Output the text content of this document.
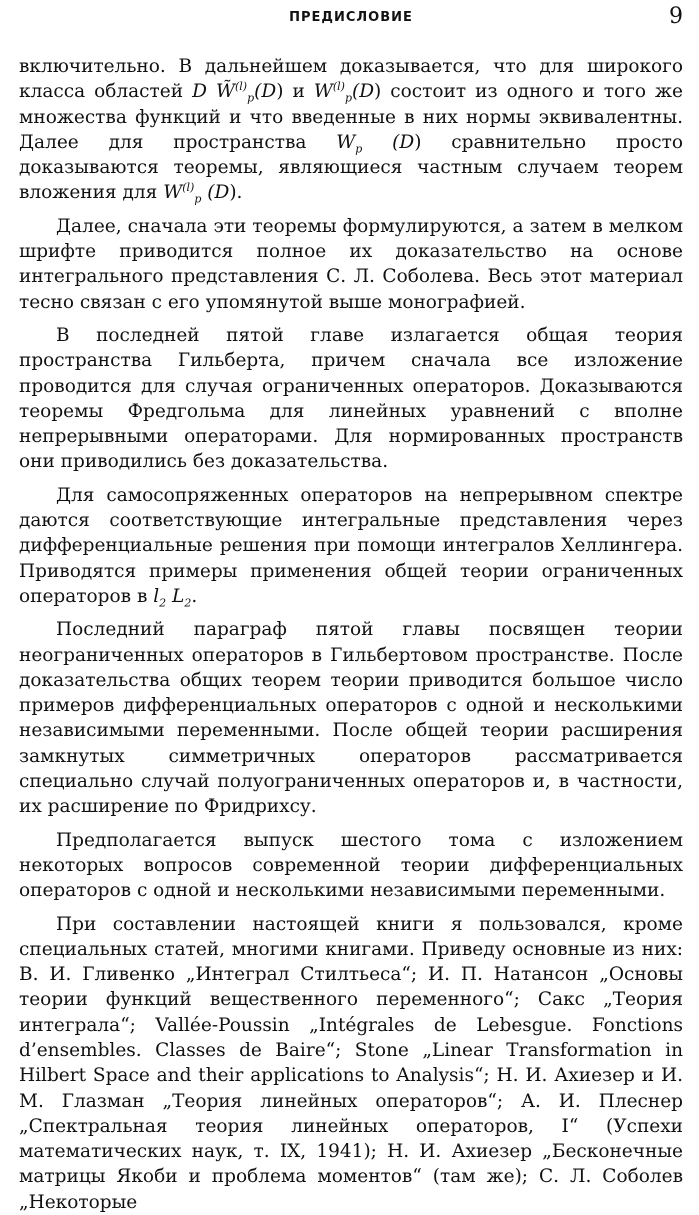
ПРЕДИСЛОВИЕ	9

включительно. В дальнейшем доказывается, что для широкого класса областей D W̃$^{(l)}_p$(D) и $W^{(l)}_p(D)$ состоит из одного и того же множества функций и что введенные в них нормы эквивалентны. Далее для пространства $W_p$ (D) сравнительно просто доказываются теоремы, являющиеся частным случаем теорем вложения для $W^{(l)}_p$ (D).

Далее, сначала эти теоремы формулируются, а затем в мелком шрифте приводится полное их доказательство на основе интегрального представления С. Л. Соболева. Весь этот материал тесно связан с его упомянутой выше монографией.

В последней пятой главе излагается общая теория пространства Гильберта, причем сначала все изложение проводится для случая ограниченных операторов. Доказываются теоремы Фредгольма для линейных уравнений с вполне непрерывными операторами. Для нормированных пространств они приводились без доказательства.

Для самосопряженных операторов на непрерывном спектре даются соответствующие интегральные представления через дифференциальные решения при помощи интегралов Хеллингера. Приводятся примеры применения общей теории ограниченных операторов в $l_2$ $L_2$.

Последний параграф пятой главы посвящен теории неограниченных операторов в Гильбертовом пространстве. После доказательства общих теорем теории приводится большое число примеров дифференциальных операторов с одной и несколькими независимыми переменными. После общей теории расширения замкнутых симметричных операторов рассматривается специально случай полуограниченных операторов и, в частности, их расширение по Фридрихсу.

Предполагается выпуск шестого тома с изложением некоторых вопросов современной теории дифференциальных операторов с одной и несколькими независимыми переменными.

При составлении настоящей книги я пользовался, кроме специальных статей, многими книгами. Приведу основные из них: В. И. Гливенко „Интеграл Стилтьеса“; И. П. Натансон „Основы теории функций вещественного переменного“; Сакс „Теория интеграла“; Vallée-Poussin „Intégrales de Lebesgue. Fonctions d’ensembles. Classes de Baire“; Stone „Linear Transformation in Hilbert Space and their applications to Analysis“; Н. И. Ахиезер и И. М. Глазман „Теория линейных операторов“; А. И. Плеснер „Спектральная теория линейных операторов, I“ (Успехи математических наук, т. IX, 1941); Н. И. Ахиезер „Бесконечные матрицы Якоби и проблема моментов“ (там же); С. Л. Соболев „Некоторые
